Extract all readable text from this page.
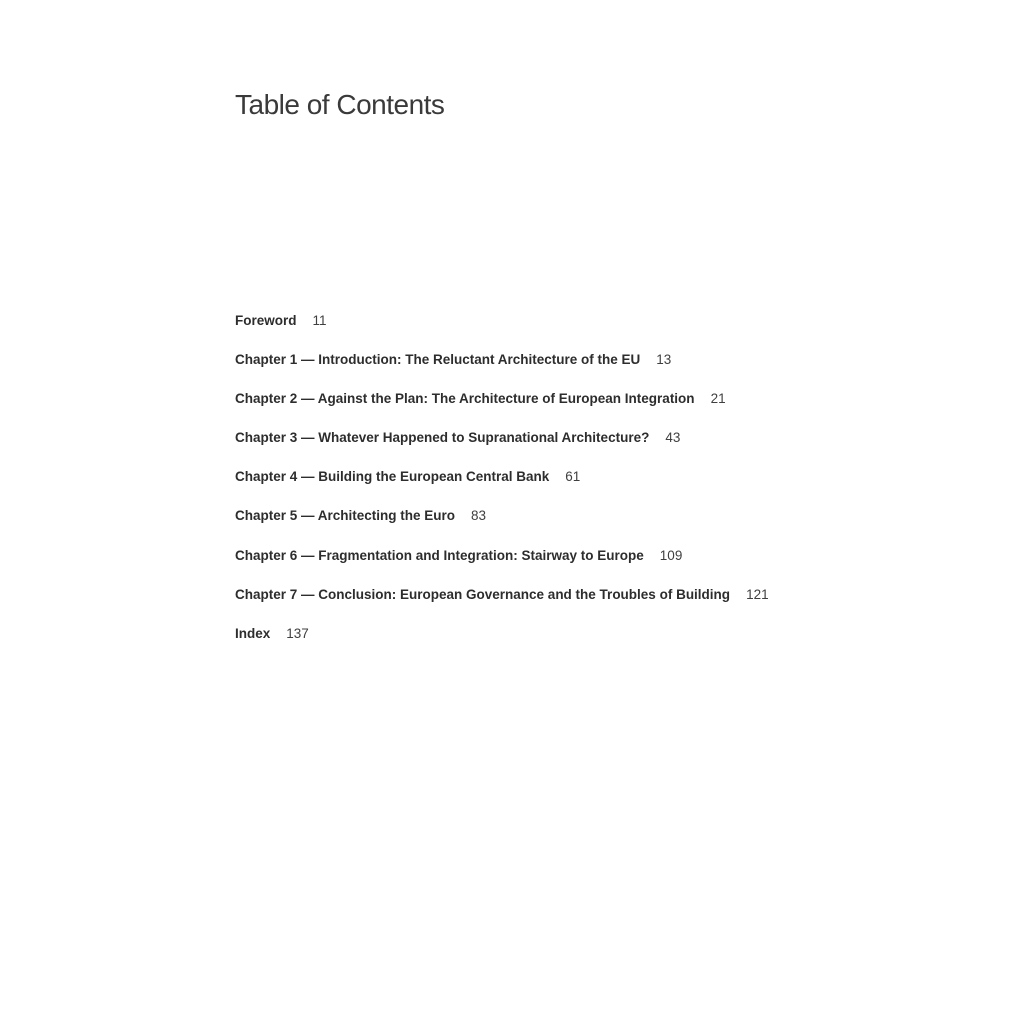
Table of Contents
Foreword 11
Chapter 1 — Introduction: The Reluctant Architecture of the EU 13
Chapter 2 — Against the Plan: The Architecture of European Integration 21
Chapter 3 — Whatever Happened to Supranational Architecture? 43
Chapter 4 — Building the European Central Bank 61
Chapter 5 — Architecting the Euro 83
Chapter 6 — Fragmentation and Integration: Stairway to Europe 109
Chapter 7 — Conclusion: European Governance and the Troubles of Building 121
Index 137
